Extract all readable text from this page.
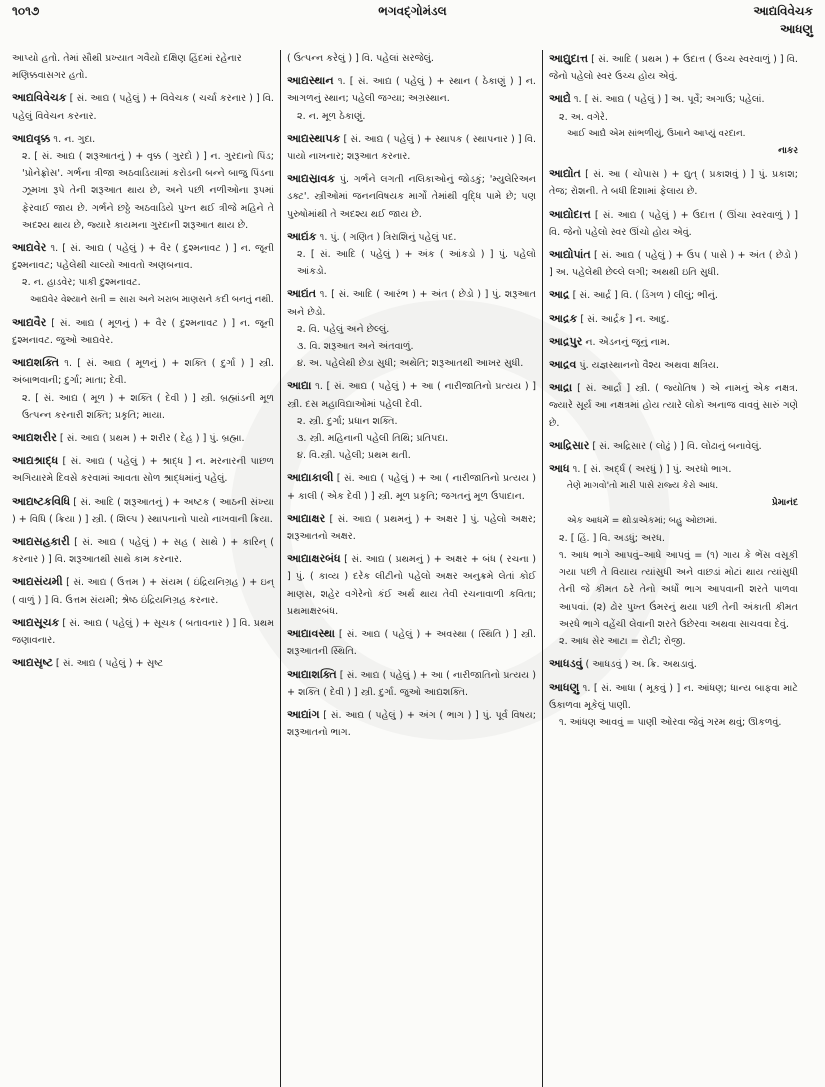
૧૦૧૭	ભગવદ્ગોમંડલ	આદ્યવિવેચક
આધણુ
આપ્યો હતો. તેમાં સૌથી પ્રખ્યાત ગવૈયો દક્ષિણ હિંદમાં રહેનાર મણિક્કવાસગર હતો.
આદ્યવિવેચક [ સં. આદ્ય ( પહેલું ) + વિવેચક ( ચર્ચા કરનાર ) ] વિ. પહેલું વિવેચન કરનાર.
આદ્યવૃક્ક ૧. ન. ગુદા.
૨. [ સં. આદ્ય ( શરૂઆતનું ) + વૃક્ક ( ગુરદો ) ] ન. ગુરદાનો પિંડ; 'પ્રોનેફ્રોસ'. ગર્ભના ત્રીજા અઠવાડિયામાં કરોડની બન્ને બાજુ પિંડના ઝૂમખા રૂપે તેની શરૂઆત થાય છે, અને પછી નળીઓના રૂપમાં ફેરવાઈ જાય છે. ગર્ભને છઠ્ઠે અઠવાડિયે પુખ્ત થઈ ત્રીજે મહિને તે અદશ્ય થાય છે, જ્યારે કાયમના ગુરદાની શરૂઆત થાય છે.
આદ્યવેર ૧. [ સં. આદ્ય ( પહેલું ) + વૈર ( દુશ્મનાવટ ) ] ન. જૂની દુશ્મનાવટ; પહેલેથી ચાલ્યો આવતો અણબનાવ.
૨. ન. હાડવેર; પાકી દુશ્મનાવટ.
આદ્યવેર વેશ્યાને સતી = સારા અને ખરાબ માણસને કદી બનતું નથી.
આદ્યવૈર [ સં. આદ્ય ( મૂળનું ) + વૈર ( દુશ્મનાવટ ) ] ન. જૂની દુશ્મનાવટ. જુઓ આદ્યવેર.
આદ્યશક્તિ ૧. [ સં. આદ્ય ( મૂળનું ) + શક્તિ ( દુર્ગા ) ] સ્ત્રી. અંબાભવાની; દુર્ગા; માતા; દેવી.
૨. [ સં. આદ્ય ( મૂળ ) + શક્તિ ( દેવી ) ] સ્ત્રી. બ્રહ્માંડની મૂળ ઉત્પન્ન કરનારી શક્તિ; પ્રકૃતિ; માયા.
આદ્યશરીર [ સં. આદ્ય ( પ્રથમ ) + શરીર ( દેહ ) ] પું. બ્રહ્મા.
આદ્યશ્રાદ્ધ [ સં. આદ્ય ( પહેલું ) + શ્રાદ્ધ ] ન. મરનારની પાછળ અગિયારમે દિવસે કરવામાં આવતા સોળ શ્રાદ્ધમાંનું પહેલું.
આદ્યષ્ટકવિધિ [ સં. આદિ ( શરૂઆતનું ) + અષ્ટક ( આઠની સંખ્યા ) + વિધિ ( ક્રિયા ) ] સ્ત્રી. ( શિલ્પ ) સ્થાપનાનો પાયો નાખવાની ક્રિયા.
આદ્યસહકારી [ સં. આદ્ય ( પહેલું ) + સહ ( સાથે ) + કારિન્ ( કરનાર ) ] વિ. શરૂઆતથી સાથે કામ કરનાર.
આદ્યસંયમી [ સં. આદ્ય ( ઉત્તમ ) + સંયમ ( ઇંદ્રિયનિગ્રહ ) + ઇન્ ( વાળું ) ] વિ. ઉત્તમ સંયમી; શ્રેષ્ઠ ઇંદ્રિયનિગ્રહ કરનાર.
આદ્યસૂચક [ સં. આદ્ય ( પહેલું ) + સૂચક ( બતાવનાર ) ] વિ. પ્રથમ જણાવનાર.
આદ્યસૃષ્ટ [ સં. આદ્ય ( પહેલું ) + સૃષ્ટ
( ઉત્પન્ન કરેલું ) ] વિ. પહેલાં સરજેલું.
આદ્યસ્થાન ૧. [ સં. આદ્ય ( પહેલું ) + સ્થાન ( ઠેકાણું ) ] ન. આગળનું સ્થાન; પહેલી જગ્યા; અગ્રસ્થાન.
૨. ન. મૂળ ઠેકાણું.
આદ્યસ્થાપક [ સં. આદ્ય ( પહેલું ) + સ્થાપક ( સ્થાપનાર ) ] વિ. પાયો નાખનાર; શરૂઆત કરનાર.
આદ્યસ્રાવક પું. ગર્ભને લગતી નલિકાઓનું જોડકું; 'મ્યુલેરિઅન ડક્ટ'. સ્ત્રીઓમાં જનનવિષયક માર્ગો તેમાંથી વૃદ્ધિ પામે છે; પણ પુરુષોમાંથી તે અદશ્ય થઈ જાય છે.
આદ્યંક ૧. પું. ( ગણિત ) ત્રિરાશિનું પહેલું પદ.
૨. [ સં. આદિ ( પહેલું ) + અંક ( આંકડો ) ] પું. પહેલો આંકડો.
આદ્યંત ૧. [ સં. આદિ ( આરંભ ) + અંત ( છેડો ) ] પું. શરૂઆત અને છેડો.
૨. વિ. પહેલું અને છેલ્લું.
૩. વિ. શરૂઆત અને અંતવાળું.
૪. અ. પહેલેથી છેડા સુધી; અથેતિ; શરૂઆતથી આખર સુધી.
આદ્યા ૧. [ સં. આદ્ય ( પહેલું ) + આ ( નારીજાતિનો પ્રત્યય ) ] સ્ત્રી. દસ મહાવિદ્યાઓમાં પહેલી દેવી.
૨. સ્ત્રી. દુર્ગા; પ્રધાન શક્તિ.
૩. સ્ત્રી. મહિનાની પહેલી તિથિ; પ્રતિપદા.
૪. વિ.સ્ત્રી. પહેલી; પ્રથમ થતી.
આદ્યાકાલી [ સં. આદ્ય ( પહેલું ) + આ ( નારીજાતિનો પ્રત્યય ) + કાલી ( એક દેવી ) ] સ્ત્રી. મૂળ પ્રકૃતિ; જગતનું મૂળ ઉપાદાન.
આદ્યાક્ષર [ સં. આદ્ય ( પ્રથમનું ) + અક્ષર ] પું. પહેલો અક્ષર; શરૂઆતનો અક્ષર.
આદ્યાક્ષરબંધ [ સં. આદ્ય ( પ્રથમનું ) + અક્ષર + બંધ ( રચના ) ] પું. ( કાવ્ય ) દરેક લીટીનો પહેલો અક્ષર અનુક્રમે લેતાં કોઈ માણસ, શહેર વગેરેનો કંઈ અર્થ થાય તેવી રચનાવાળી કવિતા; પ્રથમાક્ષરબંધ.
આદ્યાવસ્થા [ સં. આદ્ય ( પહેલું ) + અવસ્થા ( સ્થિતિ ) ] સ્ત્રી. શરૂઆતની સ્થિતિ.
આદ્યાશક્તિ [ સં. આદ્ય ( પહેલું ) + આ ( નારીજાતિનો પ્રત્યય ) + શક્તિ ( દેવી ) ] સ્ત્રી. દુર્ગા. જુઓ આદ્યશક્તિ.
આદ્યાંગ [ સં. આદ્ય ( પહેલું ) + અંગ ( ભાગ ) ] પું. પૂર્વ વિષય; શરૂઆતનો ભાગ.
આદ્યુદાત્ત [ સં. આદિ ( પ્રથમ ) + ઉદાત્ત ( ઉચ્ચ સ્વરવાળું ) ] વિ. જેનો પહેલો સ્વર ઉચ્ચ હોય એવું.
આદ્યે ૧. [ સં. આદ્ય ( પહેલું ) ] અ. પૂર્વે; અગાઉ; પહેલાં.
૨. અ. વગેરે.
આઈ આદ્યે એમ સાંભળીયું, ઉખાને આપ્યું વરદાન.
નાકર
આદ્યોત [ સં. આ ( ચોપાસ ) + દ્યુત્ ( પ્રકાશવું ) ] પું. પ્રકાશ; તેજ; રોશની. તે બધી દિશામાં ફેલાય છે.
આદ્યોદાત્ત [ સં. આદ્ય ( પહેલું ) + ઉદાત્ત ( ઊંચા સ્વરવાળું ) ] વિ. જેનો પહેલો સ્વર ઊંચો હોય એવું.
આદ્યોપાંત [ સં. આદ્ય ( પહેલું ) + ઉપ ( પાસે ) + અંત ( છેડો ) ] અ. પહેલેથી છેલ્લે લગી; અથથી ઇતિ સુધી.
આદ્ર [ સં. આર્દ્ર ] વિ. ( ડિંગળ ) લીલું; ભીનું.
આદ્રક [ સં. આર્દ્રક ] ન. આદુ.
આદ્રપુર ન. એડનનું જૂનું નામ.
આદ્રવ પું. યજ્ઞસ્થાનનો વૈશ્ય અથવા ક્ષત્રિય.
આદ્રા [ સં. આર્દ્રા ] સ્ત્રી. ( જ્યોતિષ ) એ નામનું એક નક્ષત્ર. જ્યારે સૂર્ય આ નક્ષત્રમાં હોય ત્યારે લોકો અનાજ વાવવું સારું ગણે છે.
આદ્રિસાર [ સં. અદ્રિસાર ( લોઢું ) ] વિ. લોઢાનું બનાવેલું.
આધ ૧. [ સં. અર્દ્ધ ( અરધું ) ] પું. અરધો ભાગ.
તેણે માગવો'તો મારી પાસે રાજ્ય કેરો આધ.
પ્રેમાનંદ
એક આધમેં = થોડાએકમાં; બહુ ઓછામાં.
૨. [ હિં. ] વિ. અડધું; અરધ.
૧. આધ ભાગે આપવું–આધે આપવું = (૧) ગાય કે ભેંસ વસૂકી ગયા પછી તે વિયાય ત્યાંસુધી અને વાછડાં મોટાં થાય ત્યાંસુધી તેની જે કીમત ઠરે તેનો અર્ધો ભાગ આપવાની શરતે પાળવા આપવાં. (૨) ઢોર પુખ્ત ઉંમરનું થયા પછી તેની અંકાતી કીમત અરધે ભાગે વહેંચી લેવાની શરતે ઉછેરવા અથવા સાચવવા દેવું.
૨. આધ સેર આટા = રોટી; રોજી.
આધડવું ( આધડવું ) અ. ક્રિ. અથડાવું.
આધણુ ૧. [ સં. આધા ( મૂકવું ) ] ન. આંધણ; ધાન્ય બાફવા માટે ઉકાળવા મૂકેલું પાણી.
૧. આંધણ આવવું = પાણી ઓરવા જેવું ગરમ થવું; ઊકળવું.
